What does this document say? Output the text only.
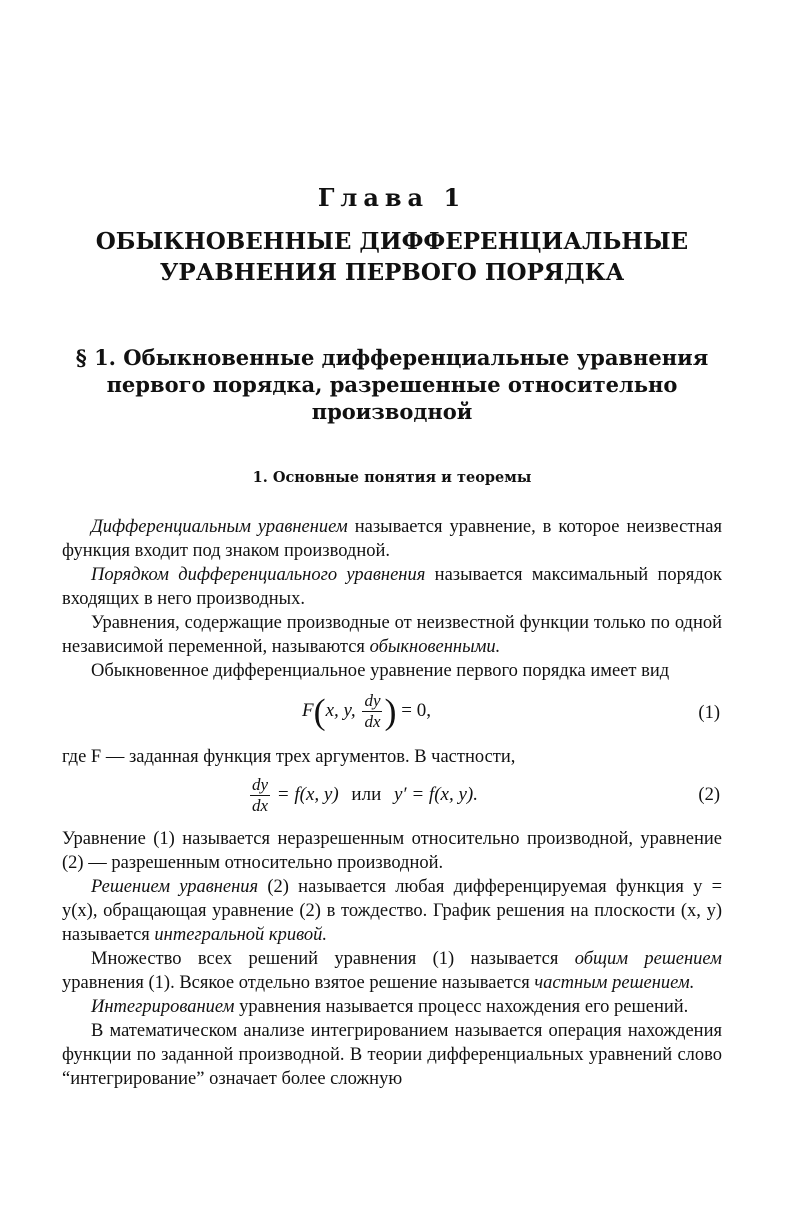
Глава 1
ОБЫКНОВЕННЫЕ ДИФФЕРЕНЦИАЛЬНЫЕ
УРАВНЕНИЯ ПЕРВОГО ПОРЯДКА
§ 1. Обыкновенные дифференциальные уравнения
первого порядка, разрешенные относительно
производной
1. Основные понятия и теоремы

Дифференциальным уравнением называется уравнение, в которое неизвестная функция входит под знаком производной.

Порядком дифференциального уравнения называется максимальный порядок входящих в него производных.

Уравнения, содержащие производные от неизвестной функции только по одной независимой переменной, называются обыкновенными.

Обыкновенное дифференциальное уравнение первого порядка имеет вид

F(x, y, $\frac{dy}{dx}$ ) = 0,	(1)

где F — заданная функция трех аргументов. В частности,

$\frac{dy}{dx} = f(x$, y) или y′ = f(x, y).	(2)

Уравнение (1) называется неразрешенным относительно производной, уравнение (2) — разрешенным относительно производной.

Решением уравнения (2) называется любая дифференцируемая функция y = y(x), обращающая уравнение (2) в тождество. График решения на плоскости (x, y) называется интегральной кривой.

Множество всех решений уравнения (1) называется общим решением уравнения (1). Всякое отдельно взятое решение называется частным решением.

Интегрированием уравнения называется процесс нахождения его решений.

В математическом анализе интегрированием называется операция нахождения функции по заданной производной. В теории дифференциальных уравнений слово “интегрирование” означает более сложную
